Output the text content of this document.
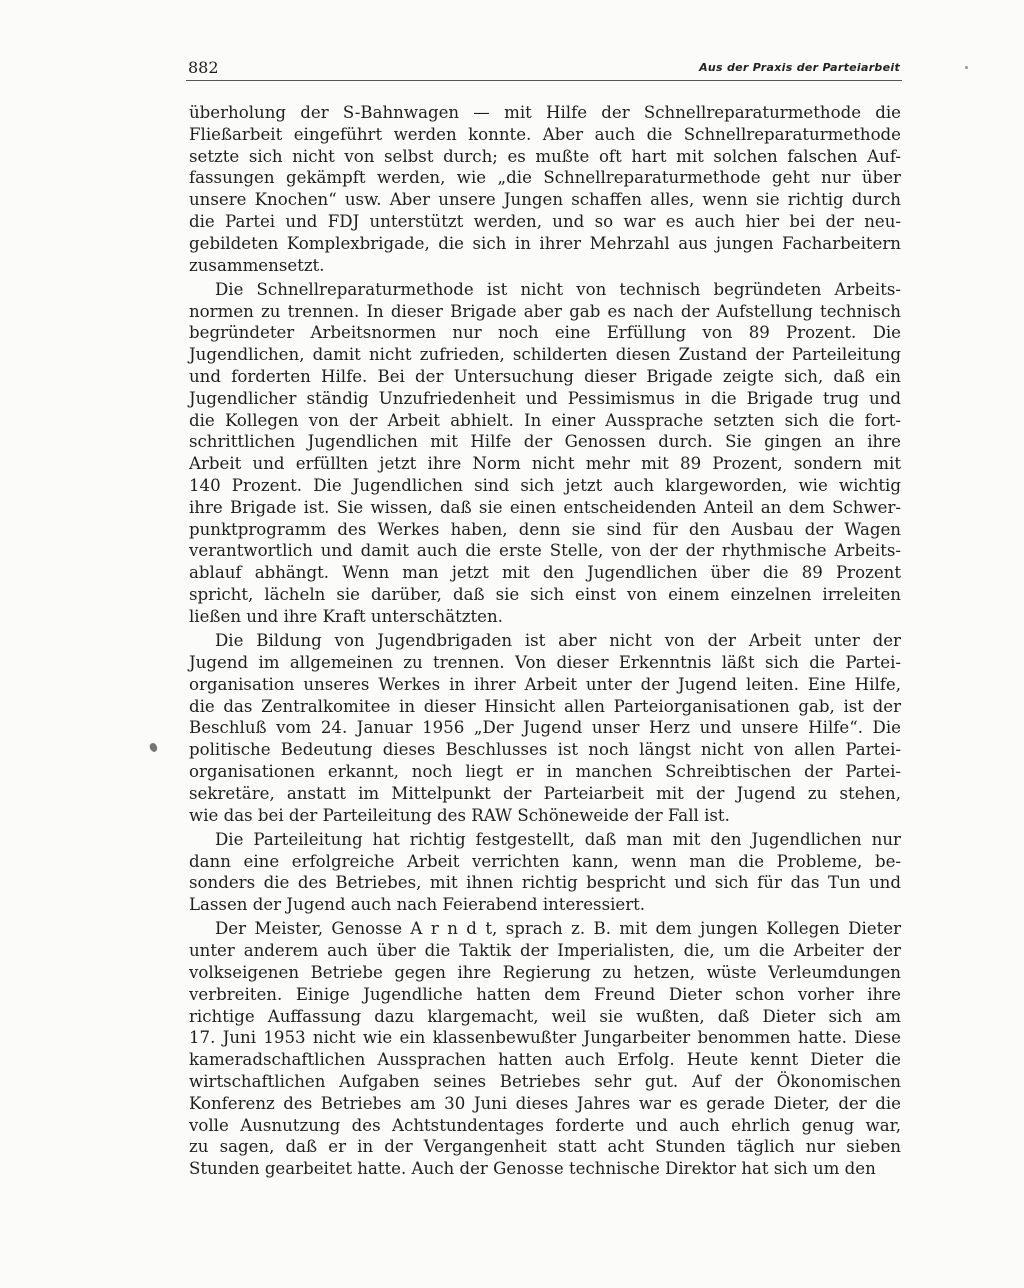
882	Aus der Praxis der Parteiarbeit
überholung der S-Bahnwagen — mit Hilfe der Schnellreparaturmethode die
Fließarbeit eingeführt werden konnte. Aber auch die Schnellreparaturmethode
setzte sich nicht von selbst durch; es mußte oft hart mit solchen falschen Auf-
fassungen gekämpft werden, wie „die Schnellreparaturmethode geht nur über
unsere Knochen“ usw. Aber unsere Jungen schaffen alles, wenn sie richtig durch
die Partei und FDJ unterstützt werden, und so war es auch hier bei der neu-
gebildeten Komplexbrigade, die sich in ihrer Mehrzahl aus jungen Facharbeitern
zusammensetzt.
Die Schnellreparaturmethode ist nicht von technisch begründeten Arbeits-
normen zu trennen. In dieser Brigade aber gab es nach der Aufstellung technisch
begründeter Arbeitsnormen nur noch eine Erfüllung von 89 Prozent. Die
Jugendlichen, damit nicht zufrieden, schilderten diesen Zustand der Parteileitung
und forderten Hilfe. Bei der Untersuchung dieser Brigade zeigte sich, daß ein
Jugendlicher ständig Unzufriedenheit und Pessimismus in die Brigade trug und
die Kollegen von der Arbeit abhielt. In einer Aussprache setzten sich die fort-
schrittlichen Jugendlichen mit Hilfe der Genossen durch. Sie gingen an ihre
Arbeit und erfüllten jetzt ihre Norm nicht mehr mit 89 Prozent, sondern mit
140 Prozent. Die Jugendlichen sind sich jetzt auch klargeworden, wie wichtig
ihre Brigade ist. Sie wissen, daß sie einen entscheidenden Anteil an dem Schwer-
punktprogramm des Werkes haben, denn sie sind für den Ausbau der Wagen
verantwortlich und damit auch die erste Stelle, von der der rhythmische Arbeits-
ablauf abhängt. Wenn man jetzt mit den Jugendlichen über die 89 Prozent
spricht, lächeln sie darüber, daß sie sich einst von einem einzelnen irreleiten
ließen und ihre Kraft unterschätzten.
Die Bildung von Jugendbrigaden ist aber nicht von der Arbeit unter der
Jugend im allgemeinen zu trennen. Von dieser Erkenntnis läßt sich die Partei-
organisation unseres Werkes in ihrer Arbeit unter der Jugend leiten. Eine Hilfe,
die das Zentralkomitee in dieser Hinsicht allen Parteiorganisationen gab, ist der
Beschluß vom 24. Januar 1956 „Der Jugend unser Herz und unsere Hilfe“. Die
politische Bedeutung dieses Beschlusses ist noch längst nicht von allen Partei-
organisationen erkannt, noch liegt er in manchen Schreibtischen der Partei-
sekretäre, anstatt im Mittelpunkt der Parteiarbeit mit der Jugend zu stehen,
wie das bei der Parteileitung des RAW Schöneweide der Fall ist.
Die Parteileitung hat richtig festgestellt, daß man mit den Jugendlichen nur
dann eine erfolgreiche Arbeit verrichten kann, wenn man die Probleme, be-
sonders die des Betriebes, mit ihnen richtig bespricht und sich für das Tun und
Lassen der Jugend auch nach Feierabend interessiert.
Der Meister, Genosse A r n d t, sprach z. B. mit dem jungen Kollegen Dieter
unter anderem auch über die Taktik der Imperialisten, die, um die Arbeiter der
volkseigenen Betriebe gegen ihre Regierung zu hetzen, wüste Verleumdungen
verbreiten. Einige Jugendliche hatten dem Freund Dieter schon vorher ihre
richtige Auffassung dazu klargemacht, weil sie wußten, daß Dieter sich am
17. Juni 1953 nicht wie ein klassenbewußter Jungarbeiter benommen hatte. Diese
kameradschaftlichen Aussprachen hatten auch Erfolg. Heute kennt Dieter die
wirtschaftlichen Aufgaben seines Betriebes sehr gut. Auf der Ökonomischen
Konferenz des Betriebes am 30 Juni dieses Jahres war es gerade Dieter, der die
volle Ausnutzung des Achtstundentages forderte und auch ehrlich genug war,
zu sagen, daß er in der Vergangenheit statt acht Stunden täglich nur sieben
Stunden gearbeitet hatte. Auch der Genosse technische Direktor hat sich um den
